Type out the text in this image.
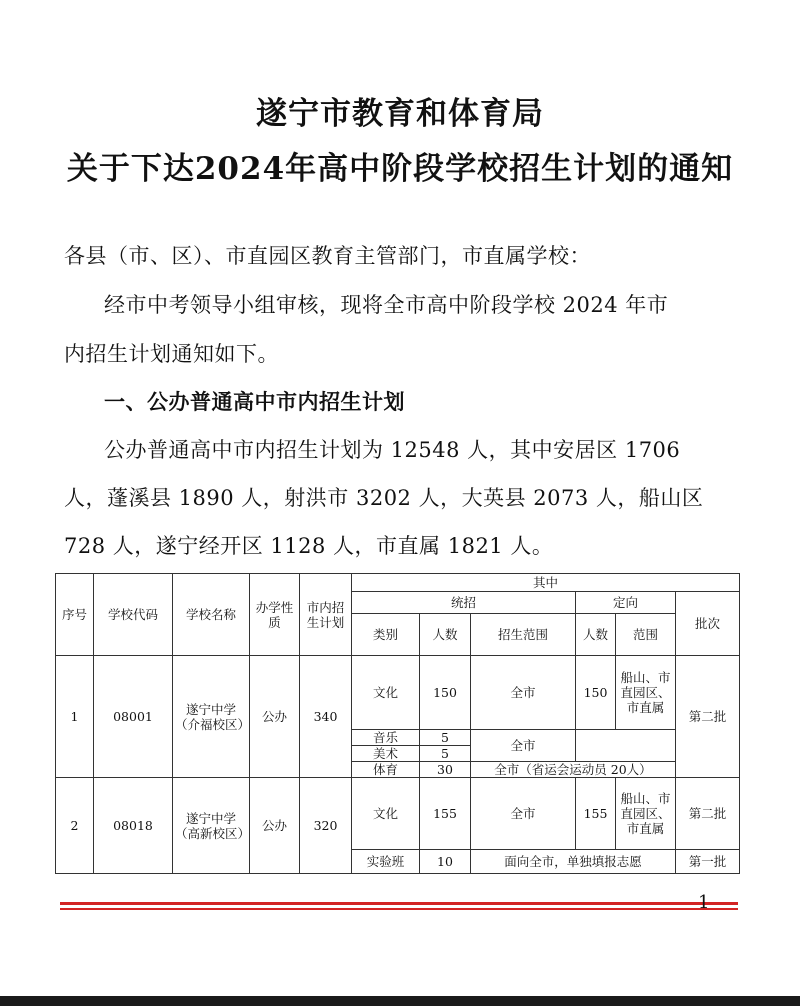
遂宁市教育和体育局
关于下达2024年高中阶段学校招生计划的通知
各县（市、区）、市直园区教育主管部门，市直属学校：
经市中考领导小组审核，现将全市高中阶段学校 2024 年市
内招生计划通知如下。
一、公办普通高中市内招生计划
公办普通高中市内招生计划为 12548 人，其中安居区 1706
人，蓬溪县 1890 人，射洪市 3202 人，大英县 2073 人，船山区
728 人，遂宁经开区 1128 人，市直属 1821 人。
序号	学校代码	学校名称	办学性质	市内招生计划	其中					
					统招			定向		批次
					类别	人数	招生范围	人数	范围	
1	08001	遂宁中学（介福校区）	公办	340	文化	150	全市	150	船山、市直园区、市直属	第二批
					音乐	5	全市			
					美术	5				
					体育	30	全市（省运会运动员 20人）			
2	08018	遂宁中学（高新校区）	公办	320	文化	155	全市	155	船山、市直园区、市直属	第二批
					实验班	10	面向全市，单独填报志愿			第一批
1
